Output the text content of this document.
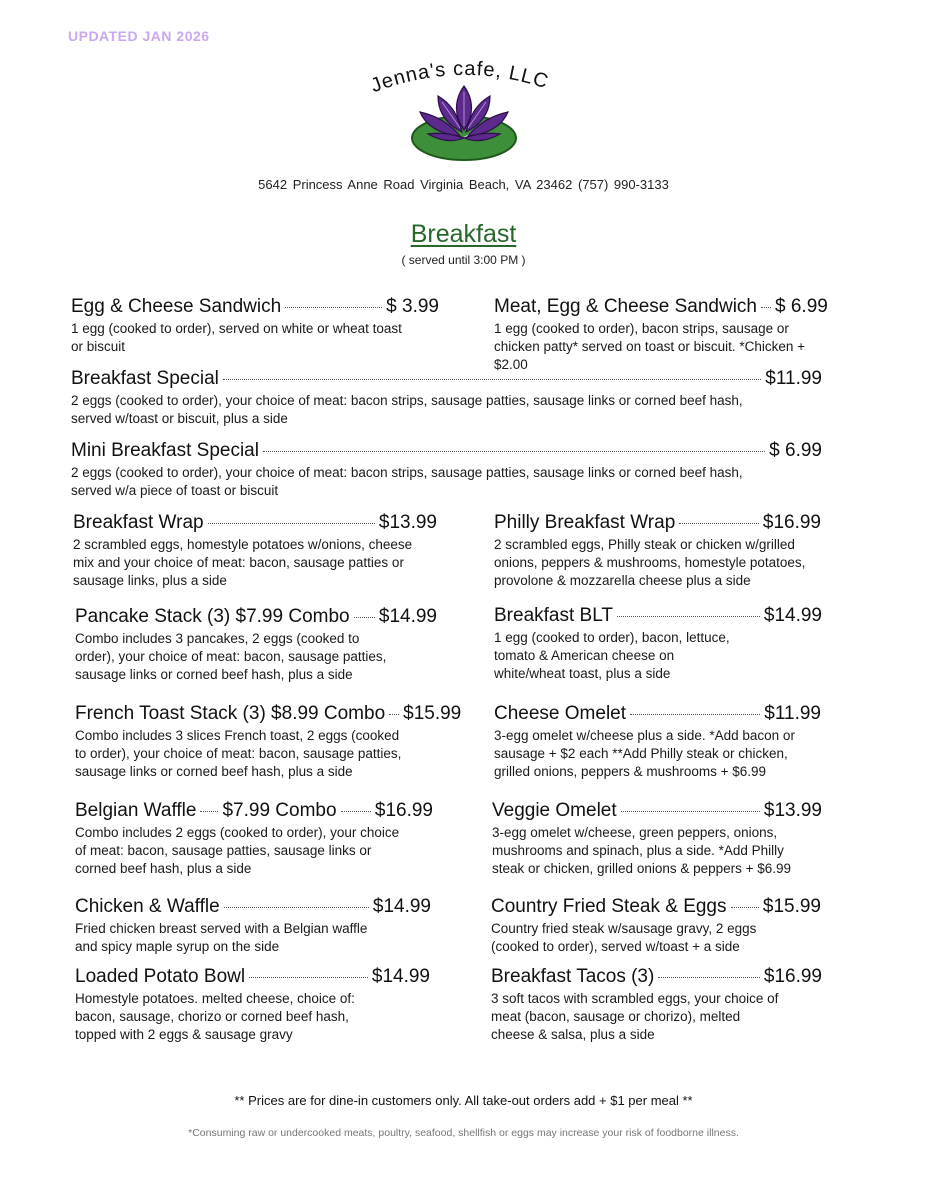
UPDATED JAN 2026
Jenna's cafe, LLC
5642 Princess Anne Road Virginia Beach, VA 23462 (757) 990-3133
Breakfast
( served until 3:00 PM )
Egg & Cheese Sandwich	$ 3.99
1 egg (cooked to order), served on white or wheat toast or biscuit
Meat, Egg & Cheese Sandwich $ 6.99
1 egg (cooked to order), bacon strips, sausage or chicken patty* served on toast or biscuit. *Chicken + $2.00
Breakfast Special	$11.99
2 eggs (cooked to order), your choice of meat: bacon strips, sausage patties, sausage links or corned beef hash, served w/toast or biscuit, plus a side
Mini Breakfast Special	$ 6.99
2 eggs (cooked to order), your choice of meat: bacon strips, sausage patties, sausage links or corned beef hash, served w/a piece of toast or biscuit
Breakfast Wrap	$13.99
2 scrambled eggs, homestyle potatoes w/onions, cheese mix and your choice of meat: bacon, sausage patties or sausage links, plus a side
Philly Breakfast Wrap	$16.99
2 scrambled eggs, Philly steak or chicken w/grilled onions, peppers & mushrooms, homestyle potatoes, provolone & mozzarella cheese plus a side
Pancake Stack (3) $7.99 Combo $14.99
Combo includes 3 pancakes, 2 eggs (cooked to order), your choice of meat: bacon, sausage patties, sausage links or corned beef hash, plus a side
Breakfast BLT	$14.99
1 egg (cooked to order), bacon, lettuce, tomato & American cheese on white/wheat toast, plus a side
French Toast Stack (3) $8.99 Combo $15.99
Combo includes 3 slices French toast, 2 eggs (cooked to order), your choice of meat: bacon, sausage patties, sausage links or corned beef hash, plus a side
Cheese Omelet	$11.99
3-egg omelet w/cheese plus a side. *Add bacon or sausage + $2 each **Add Philly steak or chicken, grilled onions, peppers & mushrooms + $6.99
Belgian Waffle $7.99 Combo $16.99
Combo includes 2 eggs (cooked to order), your choice of meat: bacon, sausage patties, sausage links or corned beef hash, plus a side
Veggie Omelet	$13.99
3-egg omelet w/cheese, green peppers, onions, mushrooms and spinach, plus a side. *Add Philly steak or chicken, grilled onions & peppers + $6.99
Chicken & Waffle	$14.99
Fried chicken breast served with a Belgian waffle and spicy maple syrup on the side
Country Fried Steak & Eggs $15.99
Country fried steak w/sausage gravy, 2 eggs (cooked to order), served w/toast + a side
Loaded Potato Bowl	$14.99
Homestyle potatoes. melted cheese, choice of: bacon, sausage, chorizo or corned beef hash, topped with 2 eggs & sausage gravy
Breakfast Tacos (3)	$16.99
3 soft tacos with scrambled eggs, your choice of meat (bacon, sausage or chorizo), melted cheese & salsa, plus a side
** Prices are for dine-in customers only. All take-out orders add + $1 per meal **
*Consuming raw or undercooked meats, poultry, seafood, shellfish or eggs may increase your risk of foodborne illness.
